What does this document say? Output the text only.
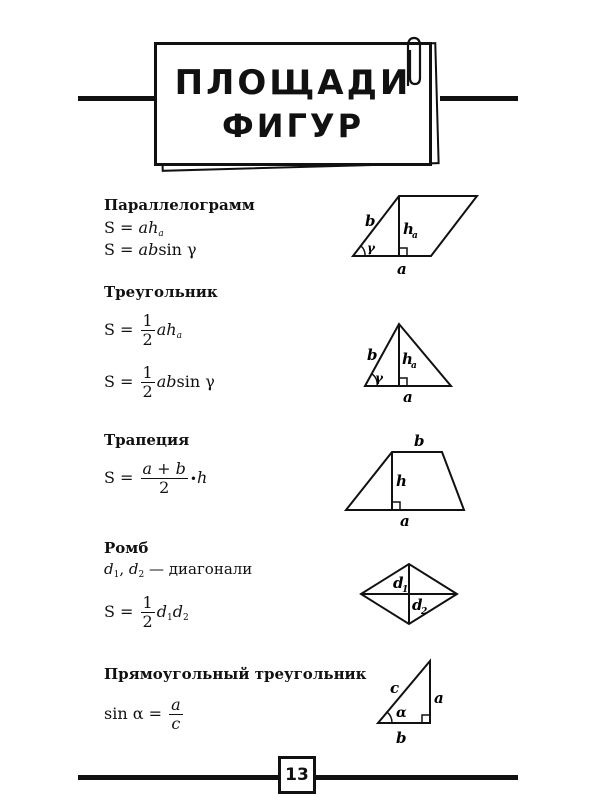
ПЛОЩАДИ
ФИГУР
Параллелограмм
S = aha
S = absin γ
b h
a
γ
a
Треугольник
$S = \frac{1}{2}$ aha
$S = \frac{1}{2}$ absin γ
b h
a
γ
a
Трапеция
$S = \frac{a + b}{2}$ •h
b
h
a
Ромб
$d_1$, $d_2$ — диагонали
$S = \frac{1}{2} d1d2$
d
1
d
2
Прямоугольный треугольник
$\sin \alpha = \frac{a}{c}$
c
a
α
b
13
